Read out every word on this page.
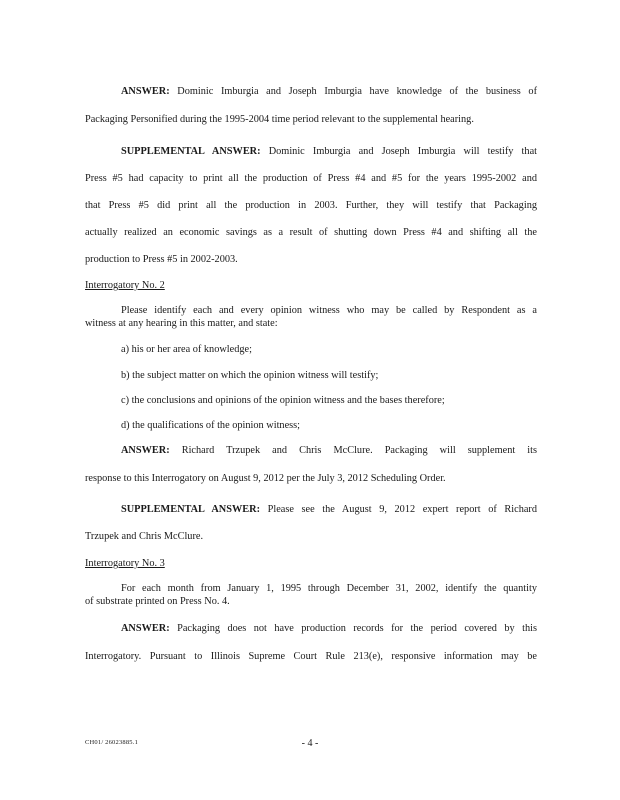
ANSWER: Dominic Imburgia and Joseph Imburgia have knowledge of the business of

Packaging Personified during the 1995-2004 time period relevant to the supplemental hearing.

SUPPLEMENTAL ANSWER: Dominic Imburgia and Joseph Imburgia will testify that

Press #5 had capacity to print all the production of Press #4 and #5 for the years 1995-2002 and

that Press #5 did print all the production in 2003. Further, they will testify that Packaging

actually realized an economic savings as a result of shutting down Press #4 and shifting all the

production to Press #5 in 2002-2003.

Interrogatory No. 2

Please identify each and every opinion witness who may be called by Respondent as a

witness at any hearing in this matter, and state:

a) his or her area of knowledge;

b) the subject matter on which the opinion witness will testify;

c) the conclusions and opinions of the opinion witness and the bases therefore;

d) the qualifications of the opinion witness;

ANSWER: Richard Trzupek and Chris McClure. Packaging will supplement its

response to this Interrogatory on August 9, 2012 per the July 3, 2012 Scheduling Order.

SUPPLEMENTAL ANSWER: Please see the August 9, 2012 expert report of Richard

Trzupek and Chris McClure.

Interrogatory No. 3

For each month from January 1, 1995 through December 31, 2002, identify the quantity

of substrate printed on Press No. 4.

ANSWER: Packaging does not have production records for the period covered by this

Interrogatory. Pursuant to Illinois Supreme Court Rule 213(e), responsive information may be

CH01/ 26023885.1	- 4 -
